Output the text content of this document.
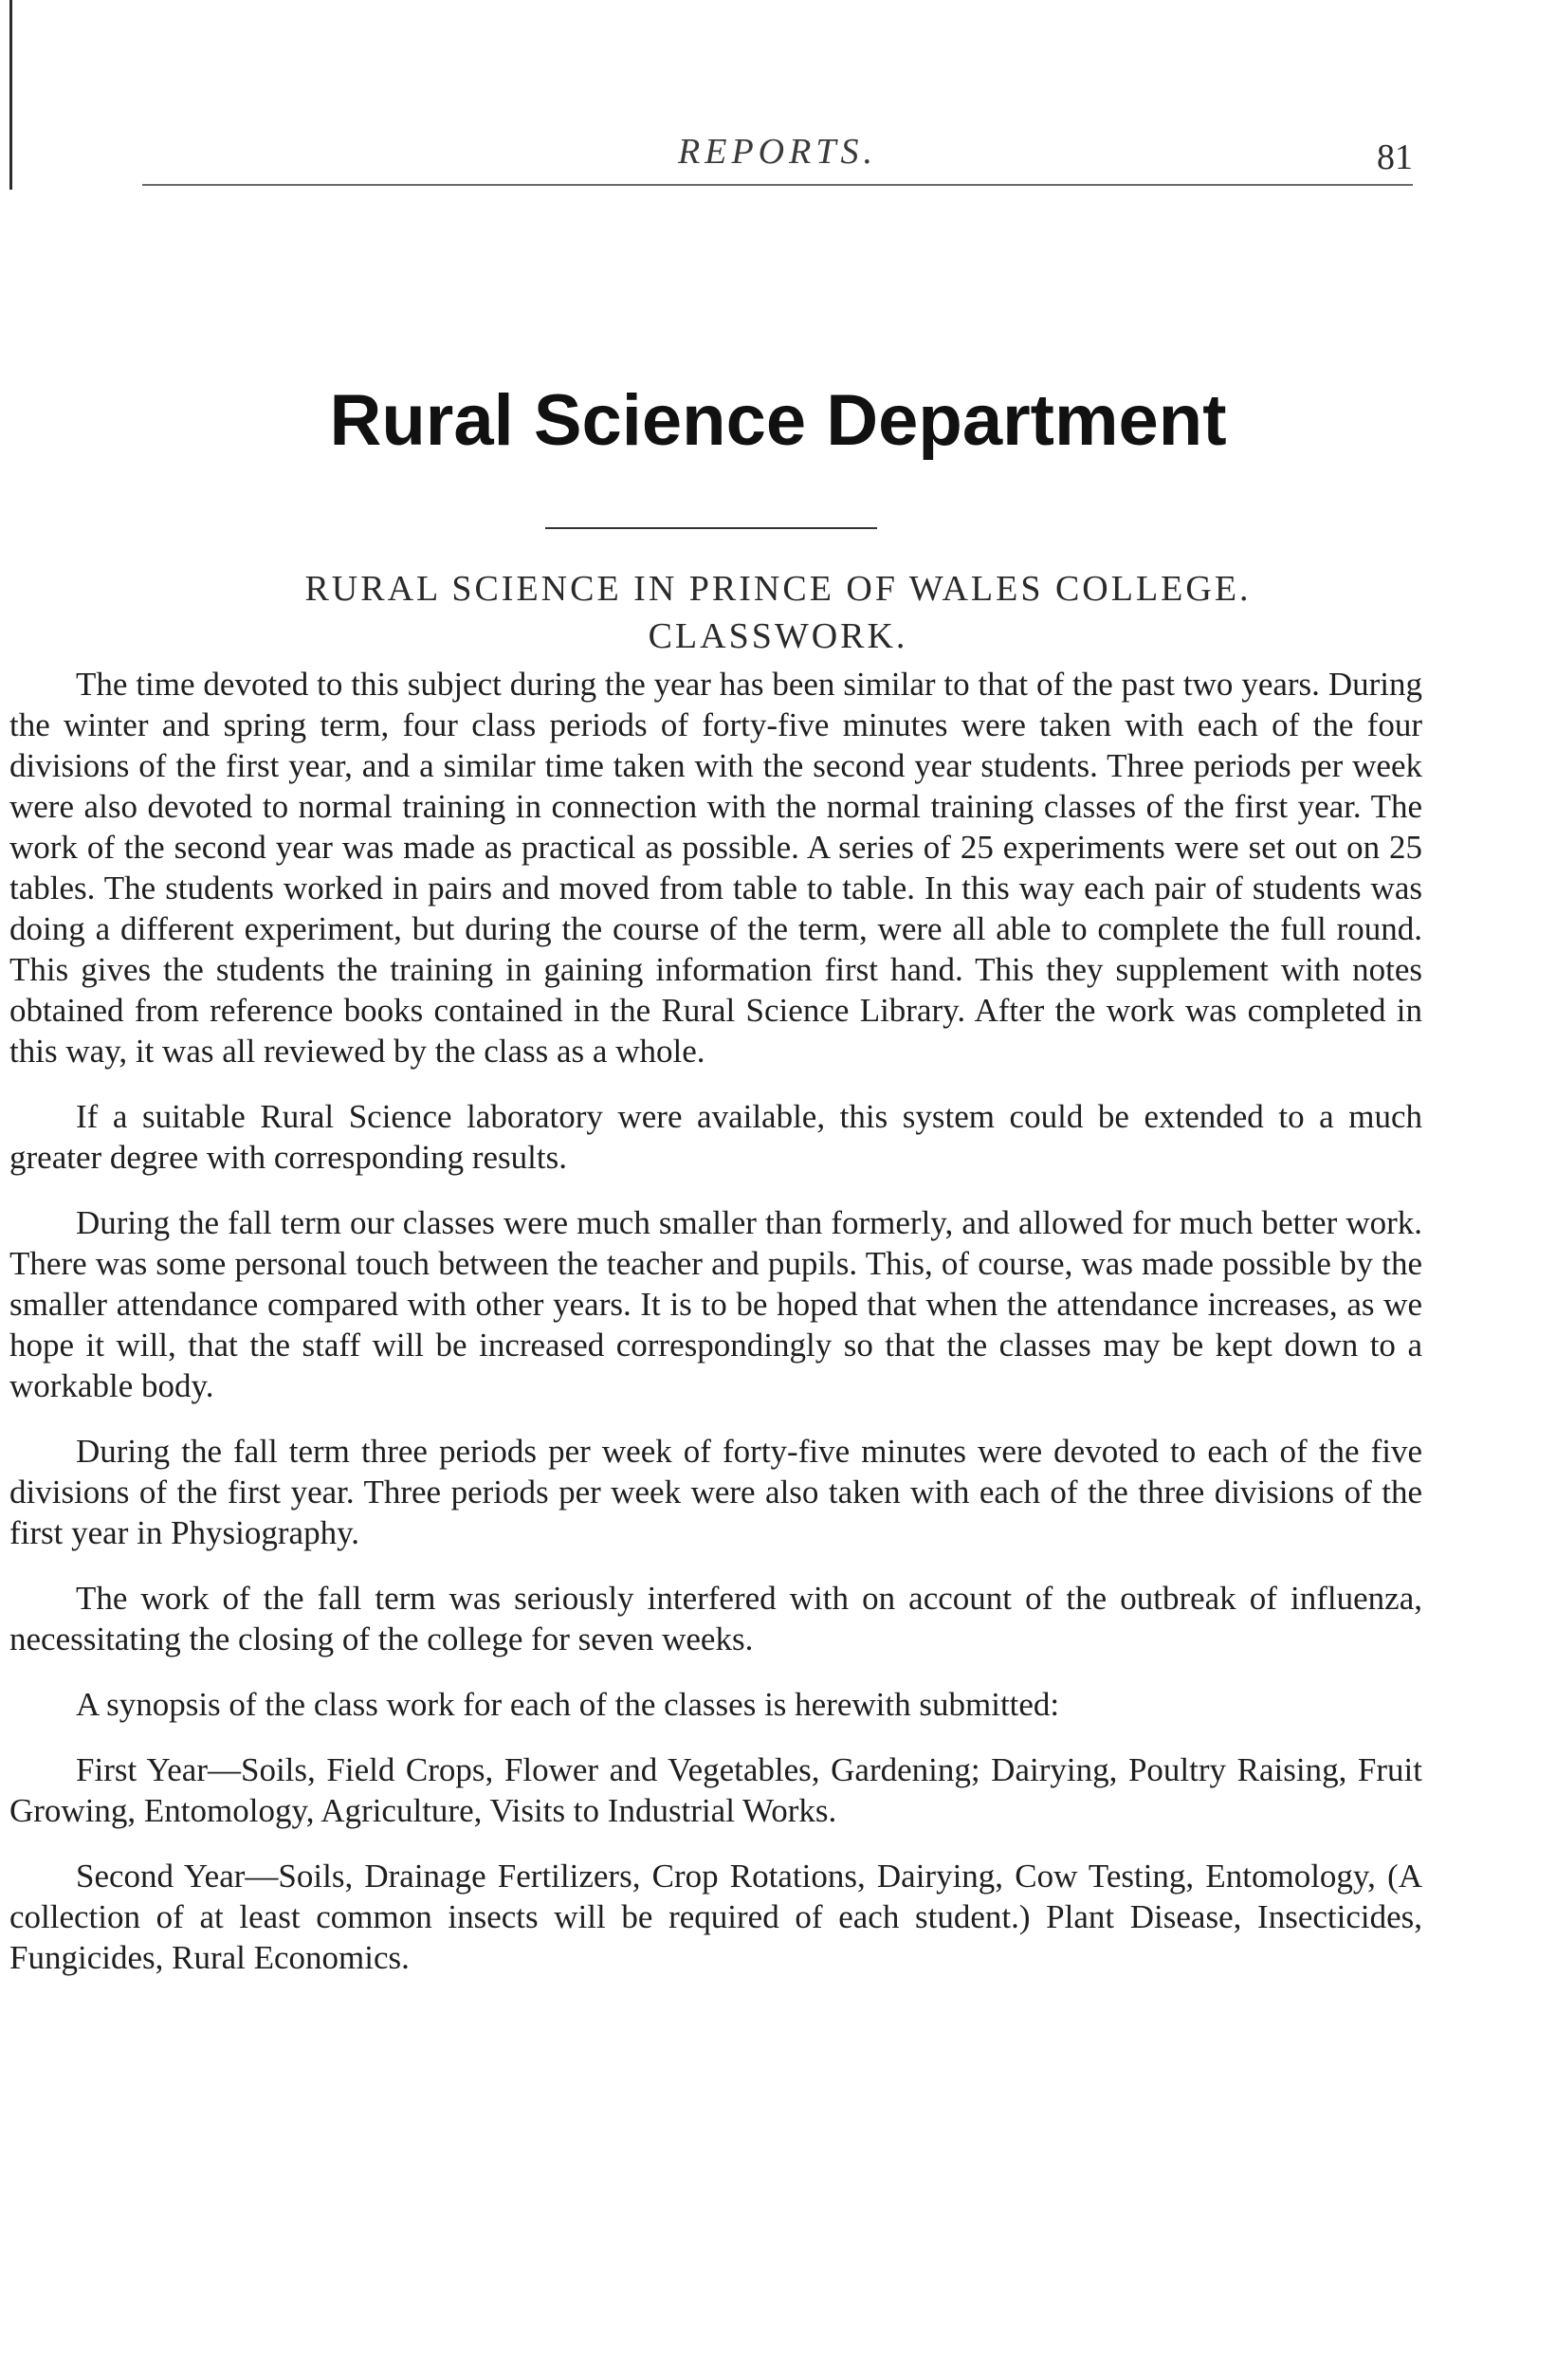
REPORTS.	81
Rural Science Department
RURAL SCIENCE IN PRINCE OF WALES COLLEGE.
CLASSWORK.

The time devoted to this subject during the year has been similar to that of the past two years. During the winter and spring term, four class periods of forty-five minutes were taken with each of the four divisions of the first year, and a similar time taken with the second year students. Three periods per week were also devoted to normal training in connection with the normal training classes of the first year. The work of the second year was made as practical as possible. A series of 25 experiments were set out on 25 tables. The students worked in pairs and moved from table to table. In this way each pair of students was doing a different experiment, but during the course of the term, were all able to complete the full round. This gives the students the training in gaining information first hand. This they supplement with notes obtained from reference books contained in the Rural Science Library. After the work was completed in this way, it was all reviewed by the class as a whole.

If a suitable Rural Science laboratory were available, this system could be extended to a much greater degree with corresponding results.

During the fall term our classes were much smaller than formerly, and allowed for much better work. There was some personal touch between the teacher and pupils. This, of course, was made possible by the smaller attendance compared with other years. It is to be hoped that when the attendance increases, as we hope it will, that the staff will be increased correspondingly so that the classes may be kept down to a workable body.

During the fall term three periods per week of forty-five minutes were devoted to each of the five divisions of the first year. Three periods per week were also taken with each of the three divisions of the first year in Physiography.

The work of the fall term was seriously interfered with on account of the outbreak of influenza, necessitating the closing of the college for seven weeks.

A synopsis of the class work for each of the classes is herewith submitted:

First Year—Soils, Field Crops, Flower and Vegetables, Gardening; Dairying, Poultry Raising, Fruit Growing, Entomology, Agriculture, Visits to Industrial Works.

Second Year—Soils, Drainage Fertilizers, Crop Rotations, Dairying, Cow Testing, Entomology, (A collection of at least common insects will be required of each student.) Plant Disease, Insecticides, Fungicides, Rural Economics.
